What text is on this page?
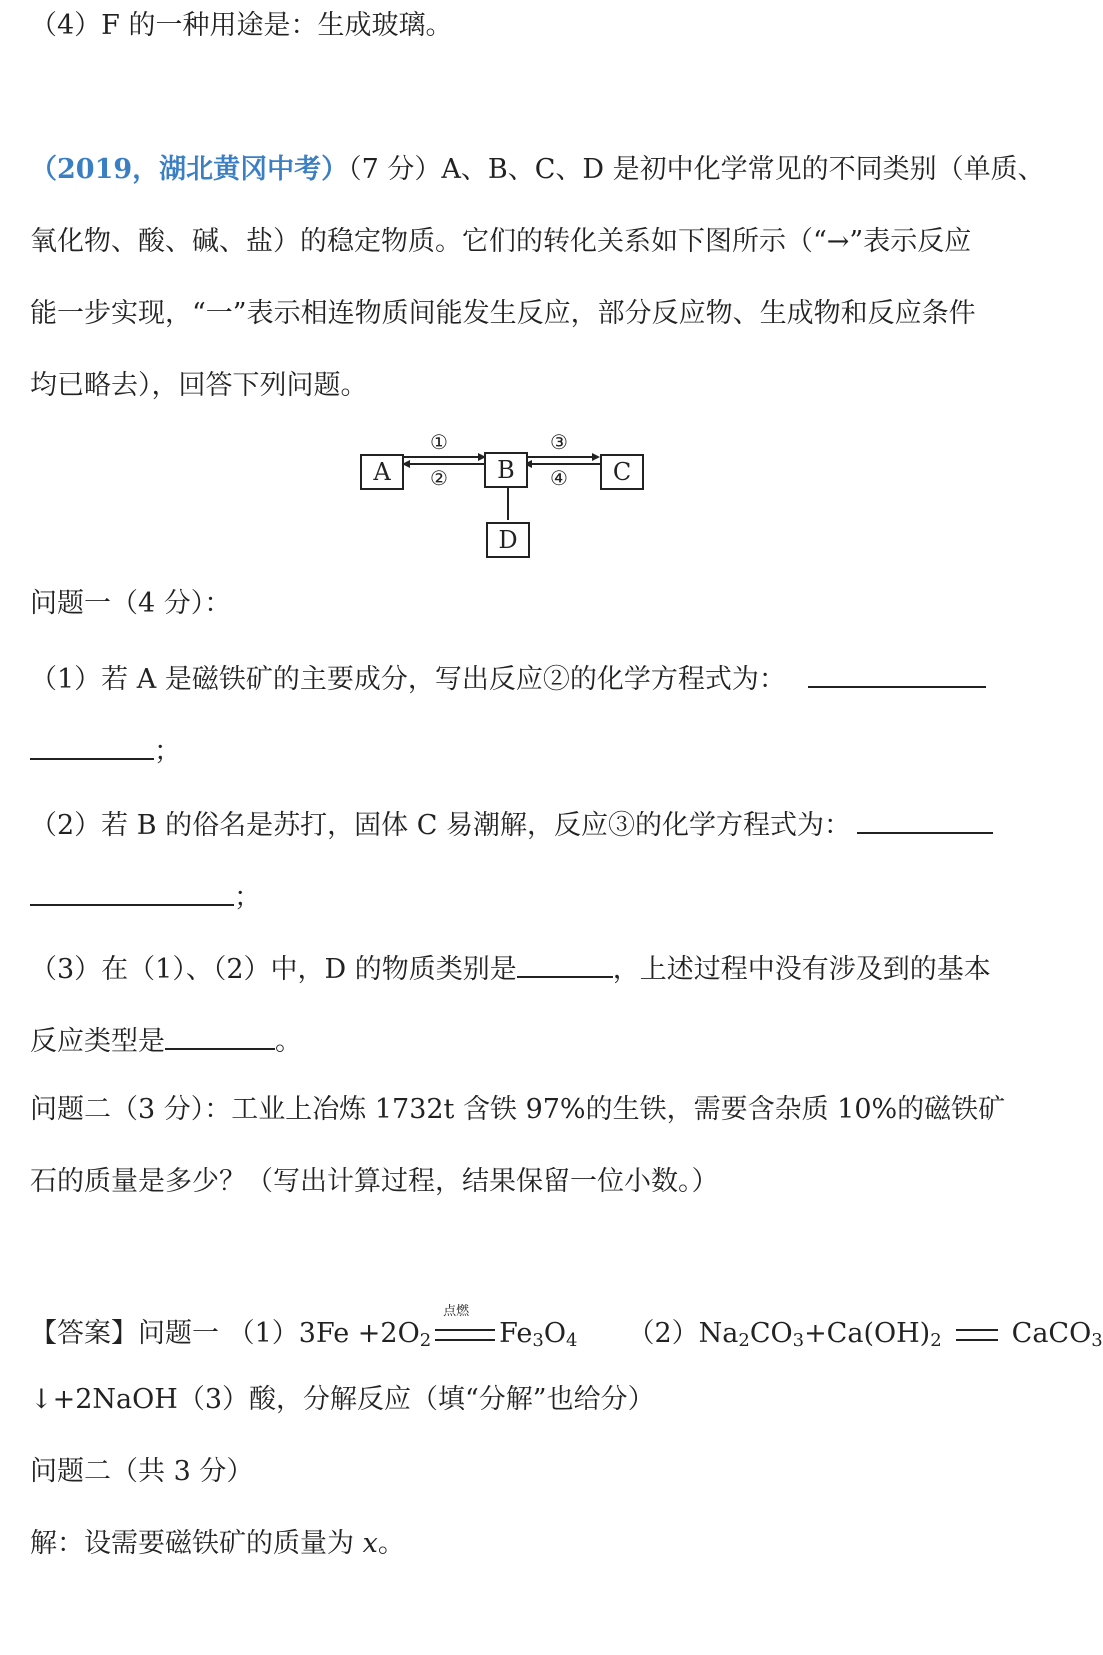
（4）F 的一种用途是：生成玻璃。
（2019，湖北黄冈中考）（7 分）A、B、C、D 是初中化学常见的不同类别（单质、
氧化物、酸、碱、盐）的稳定物质。它们的转化关系如下图所示（“→”表示反应
能一步实现，“一”表示相连物质间能发生反应，部分反应物、生成物和反应条件
均已略去），回答下列问题。
A	B	C
D
①
②
③
④
问题一（4 分）：
（1）若 A 是磁铁矿的主要成分，写出反应②的化学方程式为：
；
（2）若 B 的俗名是苏打，固体 C 易潮解，反应③的化学方程式为：
；
（3）在（1）、（2）中，D 的物质类别是	，上述过程中没有涉及到的基本
反应类型是	。
问题二（3 分）：工业上冶炼 1732t 含铁 97%的生铁，需要含杂质 10%的磁铁矿
石的质量是多少？（写出计算过程，结果保留一位小数。）
【答案】问题一 $(1)3Fe +2O_2$
点燃
$Fe_3O_4$ $(2)Na_2CO_3+Ca(OH)_2$	CaCO$_3$
↓+2NaOH（3）酸，分解反应（填“分解”也给分）
问题二（共 3 分）
解：设需要磁铁矿的质量为 x。
